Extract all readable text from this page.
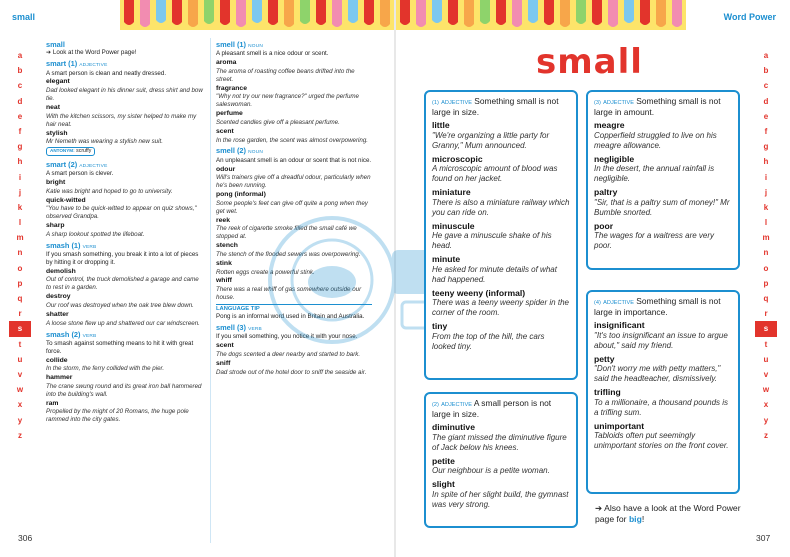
small	Word Power
a
b
c
d
e
f
g
h
i
j
k
l
m
n
o
p
q
r
s
t
u
v
w
x
y
z
a
b
c
d
e
f
g
h
i
j
k
l
m
n
o
p
q
r
s
t
u
v
w
x
y
z
small
➔ Look at the Word Power page!
smart (1) ADJECTIVE
A smart person is clean and neatly dressed.
elegant
Dad looked elegant in his dinner suit, dress shirt and bow tie.
neat
With the kitchen scissors, my sister helped to make my hair neat.
stylish
Mr Nemeth was wearing a stylish new suit.
ANTONYM: scruffy
smart (2) ADJECTIVE
A smart person is clever.
bright
Katie was bright and hoped to go to university.
quick-witted
"You have to be quick-witted to appear on quiz shows," observed Grandpa.
sharp
A sharp lookout spotted the lifeboat.
smash (1) VERB
If you smash something, you break it into a lot of pieces by hitting it or dropping it.
demolish
Out of control, the truck demolished a garage and came to rest in a garden.
destroy
Our roof was destroyed when the oak tree blew down.
shatter
A loose stone flew up and shattered our car windscreen.
smash (2) VERB
To smash against something means to hit it with great force.
collide
In the storm, the ferry collided with the pier.
hammer
The crane swung round and its great iron ball hammered into the building's wall.
ram
Propelled by the might of 20 Romans, the huge pole rammed into the city gates.
smell (1) NOUN
A pleasant smell is a nice odour or scent.
aroma
The aroma of roasting coffee beans drifted into the street.
fragrance
"Why not try our new fragrance?" urged the perfume saleswoman.
perfume
Scented candles give off a pleasant perfume.
scent
In the rose garden, the scent was almost overpowering.
smell (2) NOUN
An unpleasant smell is an odour or scent that is not nice.
odour
Will's trainers give off a dreadful odour, particularly when he's been running.
pong (informal)
Some people's feet can give off quite a pong when they get wet.
reek
The reek of cigarette smoke filled the small café we stopped at.
stench
The stench of the flooded sewers was overpowering.
stink
Rotten eggs create a powerful stink.
whiff
There was a real whiff of gas somewhere outside our house.
LANGUAGE TIP
Pong is an informal word used in Britain and Australia.
smell (3) VERB
If you smell something, you notice it with your nose.
scent
The dogs scented a deer nearby and started to bark.
sniff
Dad strode out of the hotel door to sniff the seaside air.
small
(1) ADJECTIVE Something small is not large in size.
little
"We're organizing a little party for Granny," Mum announced.
microscopic
A microscopic amount of blood was found on her jacket.
miniature
There is also a miniature railway which you can ride on.
minuscule
He gave a minuscule shake of his head.
minute
He asked for minute details of what had happened.
teeny weeny (informal)
There was a teeny weeny spider in the corner of the room.
tiny
From the top of the hill, the cars looked tiny.
(2) ADJECTIVE A small person is not large in size.
diminutive
The giant missed the diminutive figure of Jack below his knees.
petite
Our neighbour is a petite woman.
slight
In spite of her slight build, the gymnast was very strong.
(3) ADJECTIVE Something small is not large in amount.
meagre
Copperfield struggled to live on his meagre allowance.
negligible
In the desert, the annual rainfall is negligible.
paltry
"Sir, that is a paltry sum of money!" Mr Bumble snorted.
poor
The wages for a waitress are very poor.
(4) ADJECTIVE Something small is not large in importance.
insignificant
"It's too insignificant an issue to argue about," said my friend.
petty
"Don't worry me with petty matters," said the headteacher, dismissively.
trifling
To a millionaire, a thousand pounds is a trifling sum.
unimportant
Tabloids often put seemingly unimportant stories on the front cover.
➔ Also have a look at the Word Power page for big!
306	307
